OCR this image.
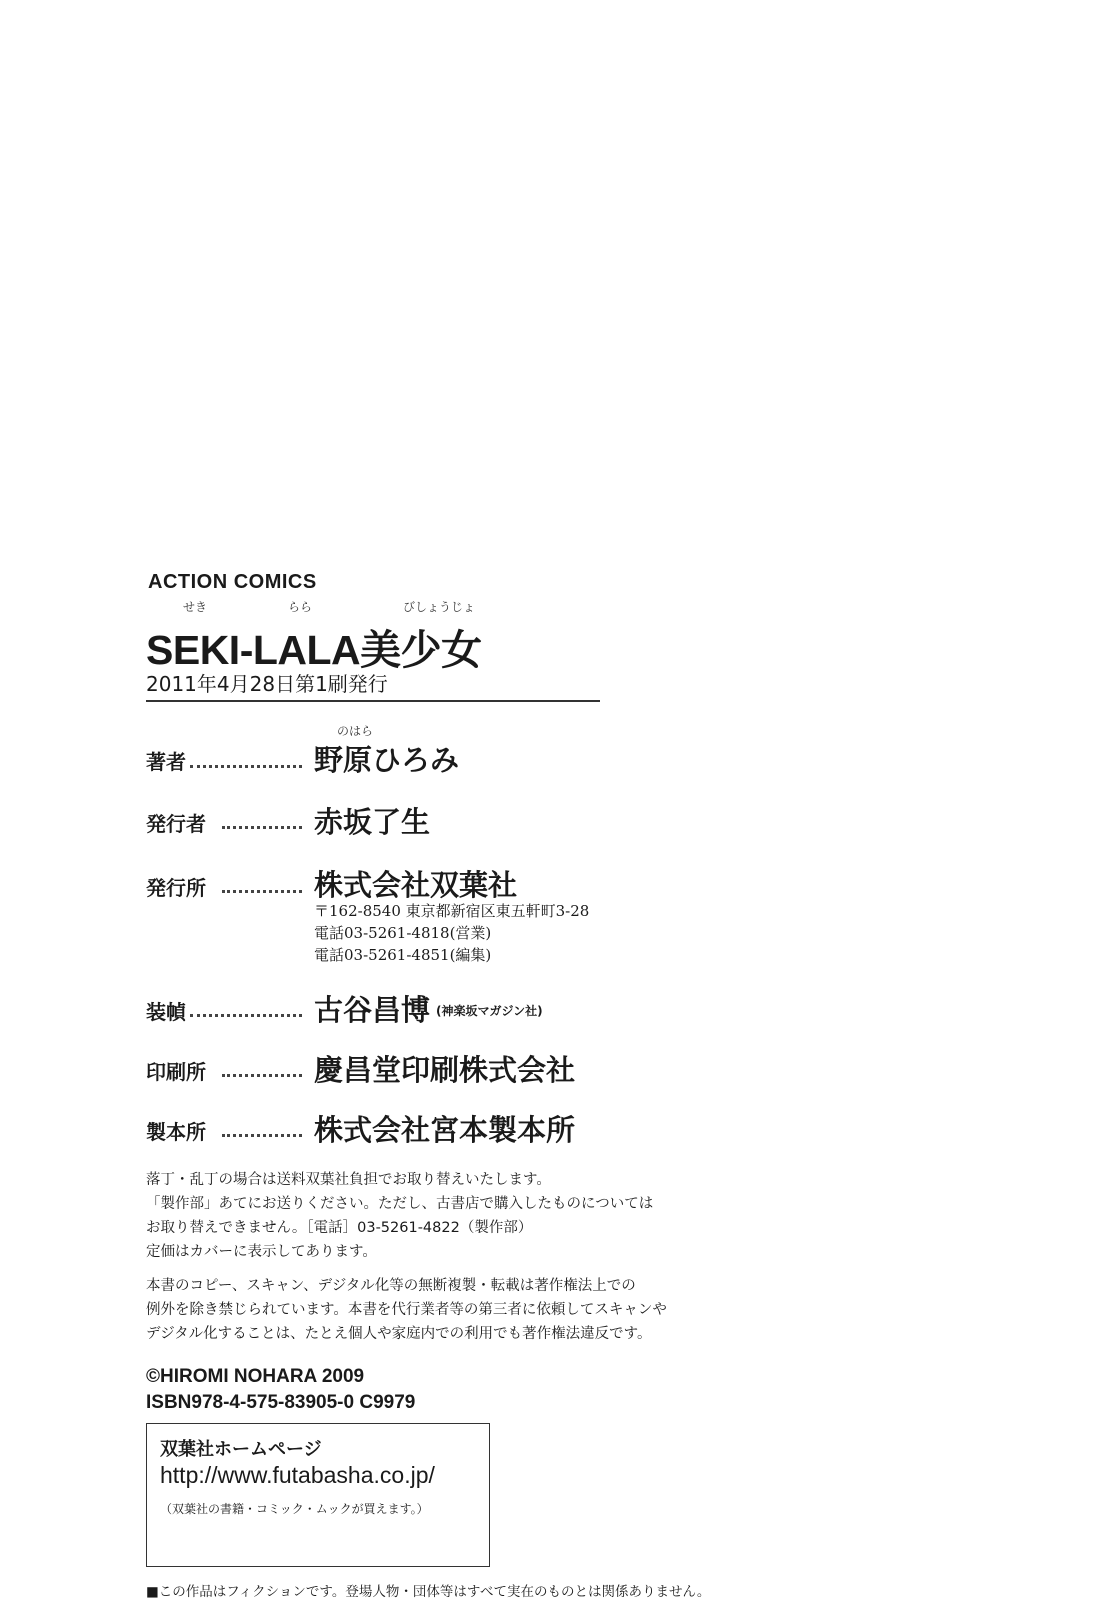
ACTION COMICS
せき	らら	びしょうじょ
SEKI-LALA美少女
2011年4月28日第1刷発行
のはら
著者	野原ひろみ
発行者	赤坂了生
発行所	株式会社双葉社
〒162-8540 東京都新宿区東五軒町3-28
電話03-5261-4818(営業)
電話03-5261-4851(編集)
装幀	古谷昌博 (神楽坂マガジン社)
印刷所	慶昌堂印刷株式会社
製本所	株式会社宮本製本所
落丁・乱丁の場合は送料双葉社負担でお取り替えいたします。
「製作部」あてにお送りください。ただし、古書店で購入したものについては
お取り替えできません。［電話］03-5261-4822（製作部）
定価はカバーに表示してあります。
本書のコピー、スキャン、デジタル化等の無断複製・転載は著作権法上での
例外を除き禁じられています。本書を代行業者等の第三者に依頼してスキャンや
デジタル化することは、たとえ個人や家庭内での利用でも著作権法違反です。
©HIROMI NOHARA 2009
ISBN978-4-575-83905-0 C9979
双葉社ホームページ
http://www.futabasha.co.jp/
（双葉社の書籍・コミック・ムックが買えます。）
■この作品はフィクションです。登場人物・団体等はすべて実在のものとは関係ありません。
